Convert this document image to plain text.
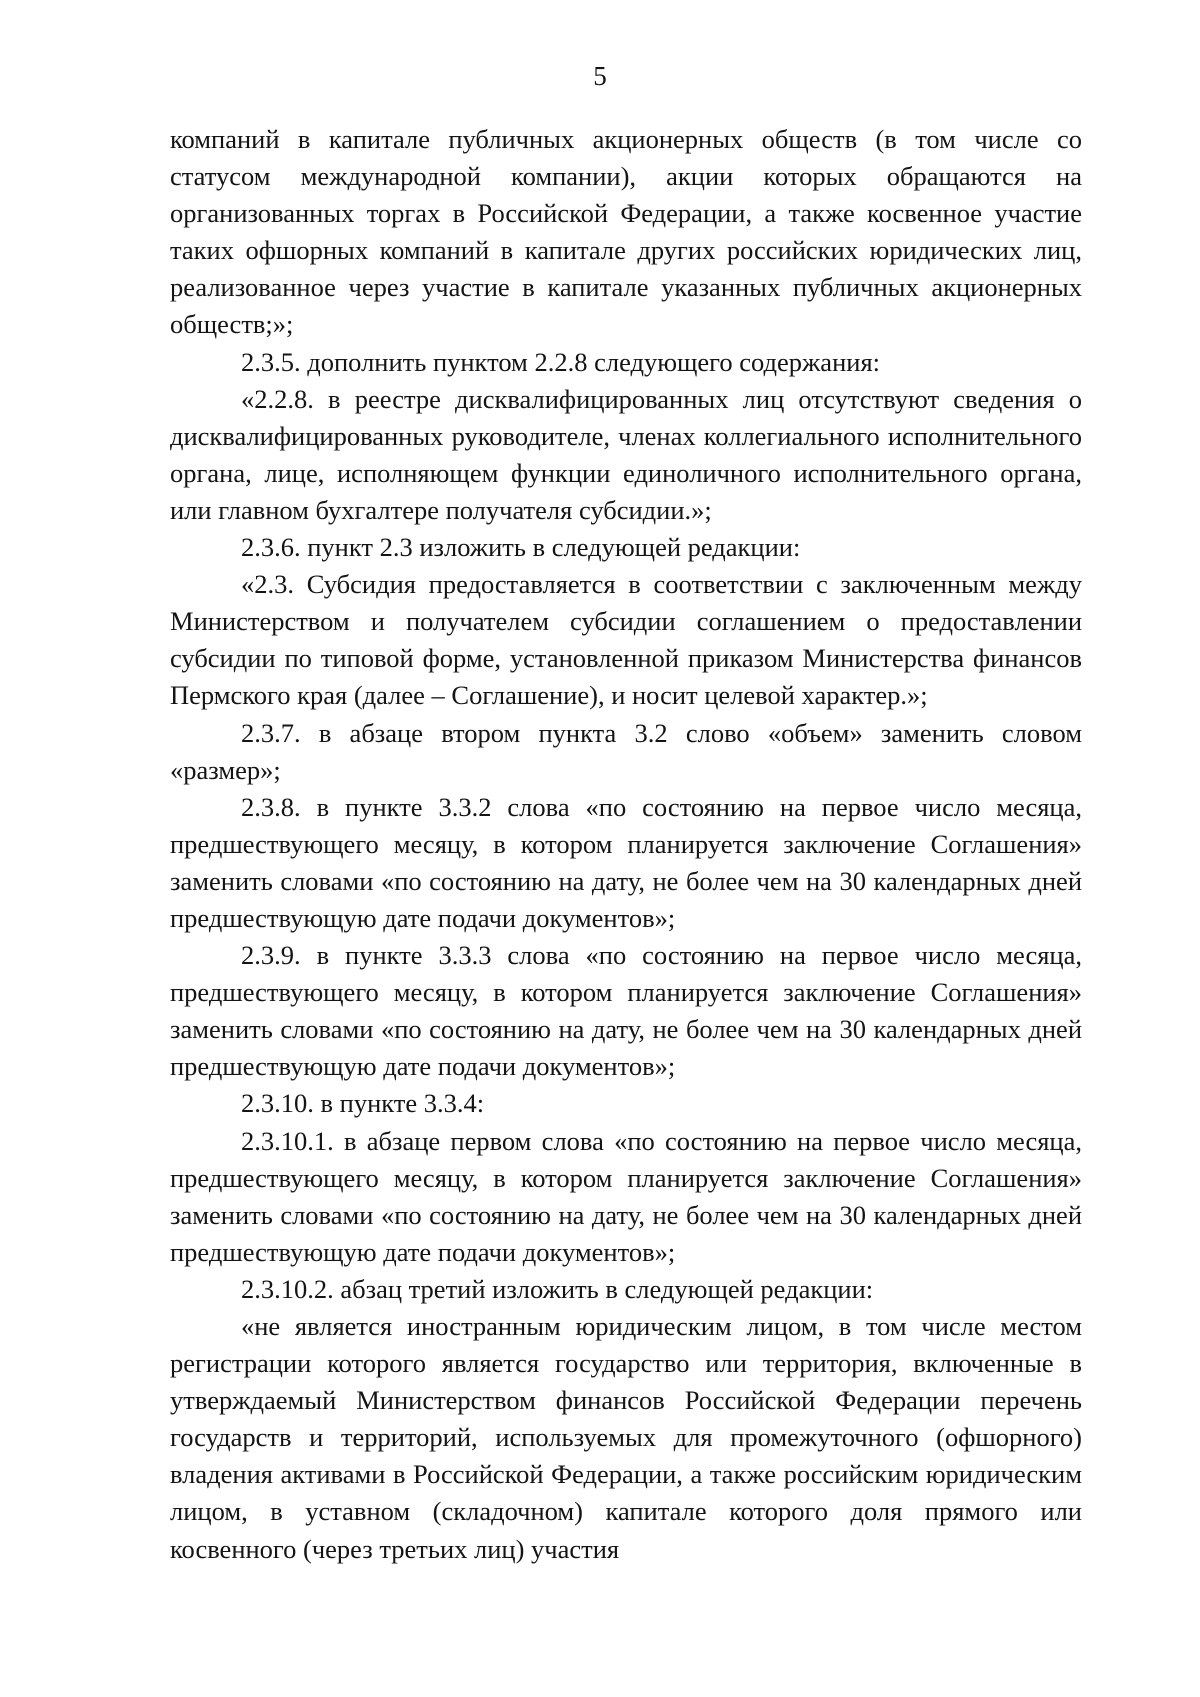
5

компаний в капитале публичных акционерных обществ (в том числе со статусом международной компании), акции которых обращаются на организованных торгах в Российской Федерации, а также косвенное участие таких офшорных компаний в капитале других российских юридических лиц, реализованное через участие в капитале указанных публичных акционерных обществ;»;

2.3.5. дополнить пунктом 2.2.8 следующего содержания:

«2.2.8. в реестре дисквалифицированных лиц отсутствуют сведения о дисквалифицированных руководителе, членах коллегиального исполнительного органа, лице, исполняющем функции единоличного исполнительного органа, или главном бухгалтере получателя субсидии.»;

2.3.6. пункт 2.3 изложить в следующей редакции:

«2.3. Субсидия предоставляется в соответствии с заключенным между Министерством и получателем субсидии соглашением о предоставлении субсидии по типовой форме, установленной приказом Министерства финансов Пермского края (далее – Соглашение), и носит целевой характер.»;

2.3.7. в абзаце втором пункта 3.2 слово «объем» заменить словом «размер»;

2.3.8. в пункте 3.3.2 слова «по состоянию на первое число месяца, предшествующего месяцу, в котором планируется заключение Соглашения» заменить словами «по состоянию на дату, не более чем на 30 календарных дней предшествующую дате подачи документов»;

2.3.9. в пункте 3.3.3 слова «по состоянию на первое число месяца, предшествующего месяцу, в котором планируется заключение Соглашения» заменить словами «по состоянию на дату, не более чем на 30 календарных дней предшествующую дате подачи документов»;

2.3.10. в пункте 3.3.4:

2.3.10.1. в абзаце первом слова «по состоянию на первое число месяца, предшествующего месяцу, в котором планируется заключение Соглашения» заменить словами «по состоянию на дату, не более чем на 30 календарных дней предшествующую дате подачи документов»;

2.3.10.2. абзац третий изложить в следующей редакции:

«не является иностранным юридическим лицом, в том числе местом регистрации которого является государство или территория, включенные в утверждаемый Министерством финансов Российской Федерации перечень государств и территорий, используемых для промежуточного (офшорного) владения активами в Российской Федерации, а также российским юридическим лицом, в уставном (складочном) капитале которого доля прямого или косвенного (через третьих лиц) участия
